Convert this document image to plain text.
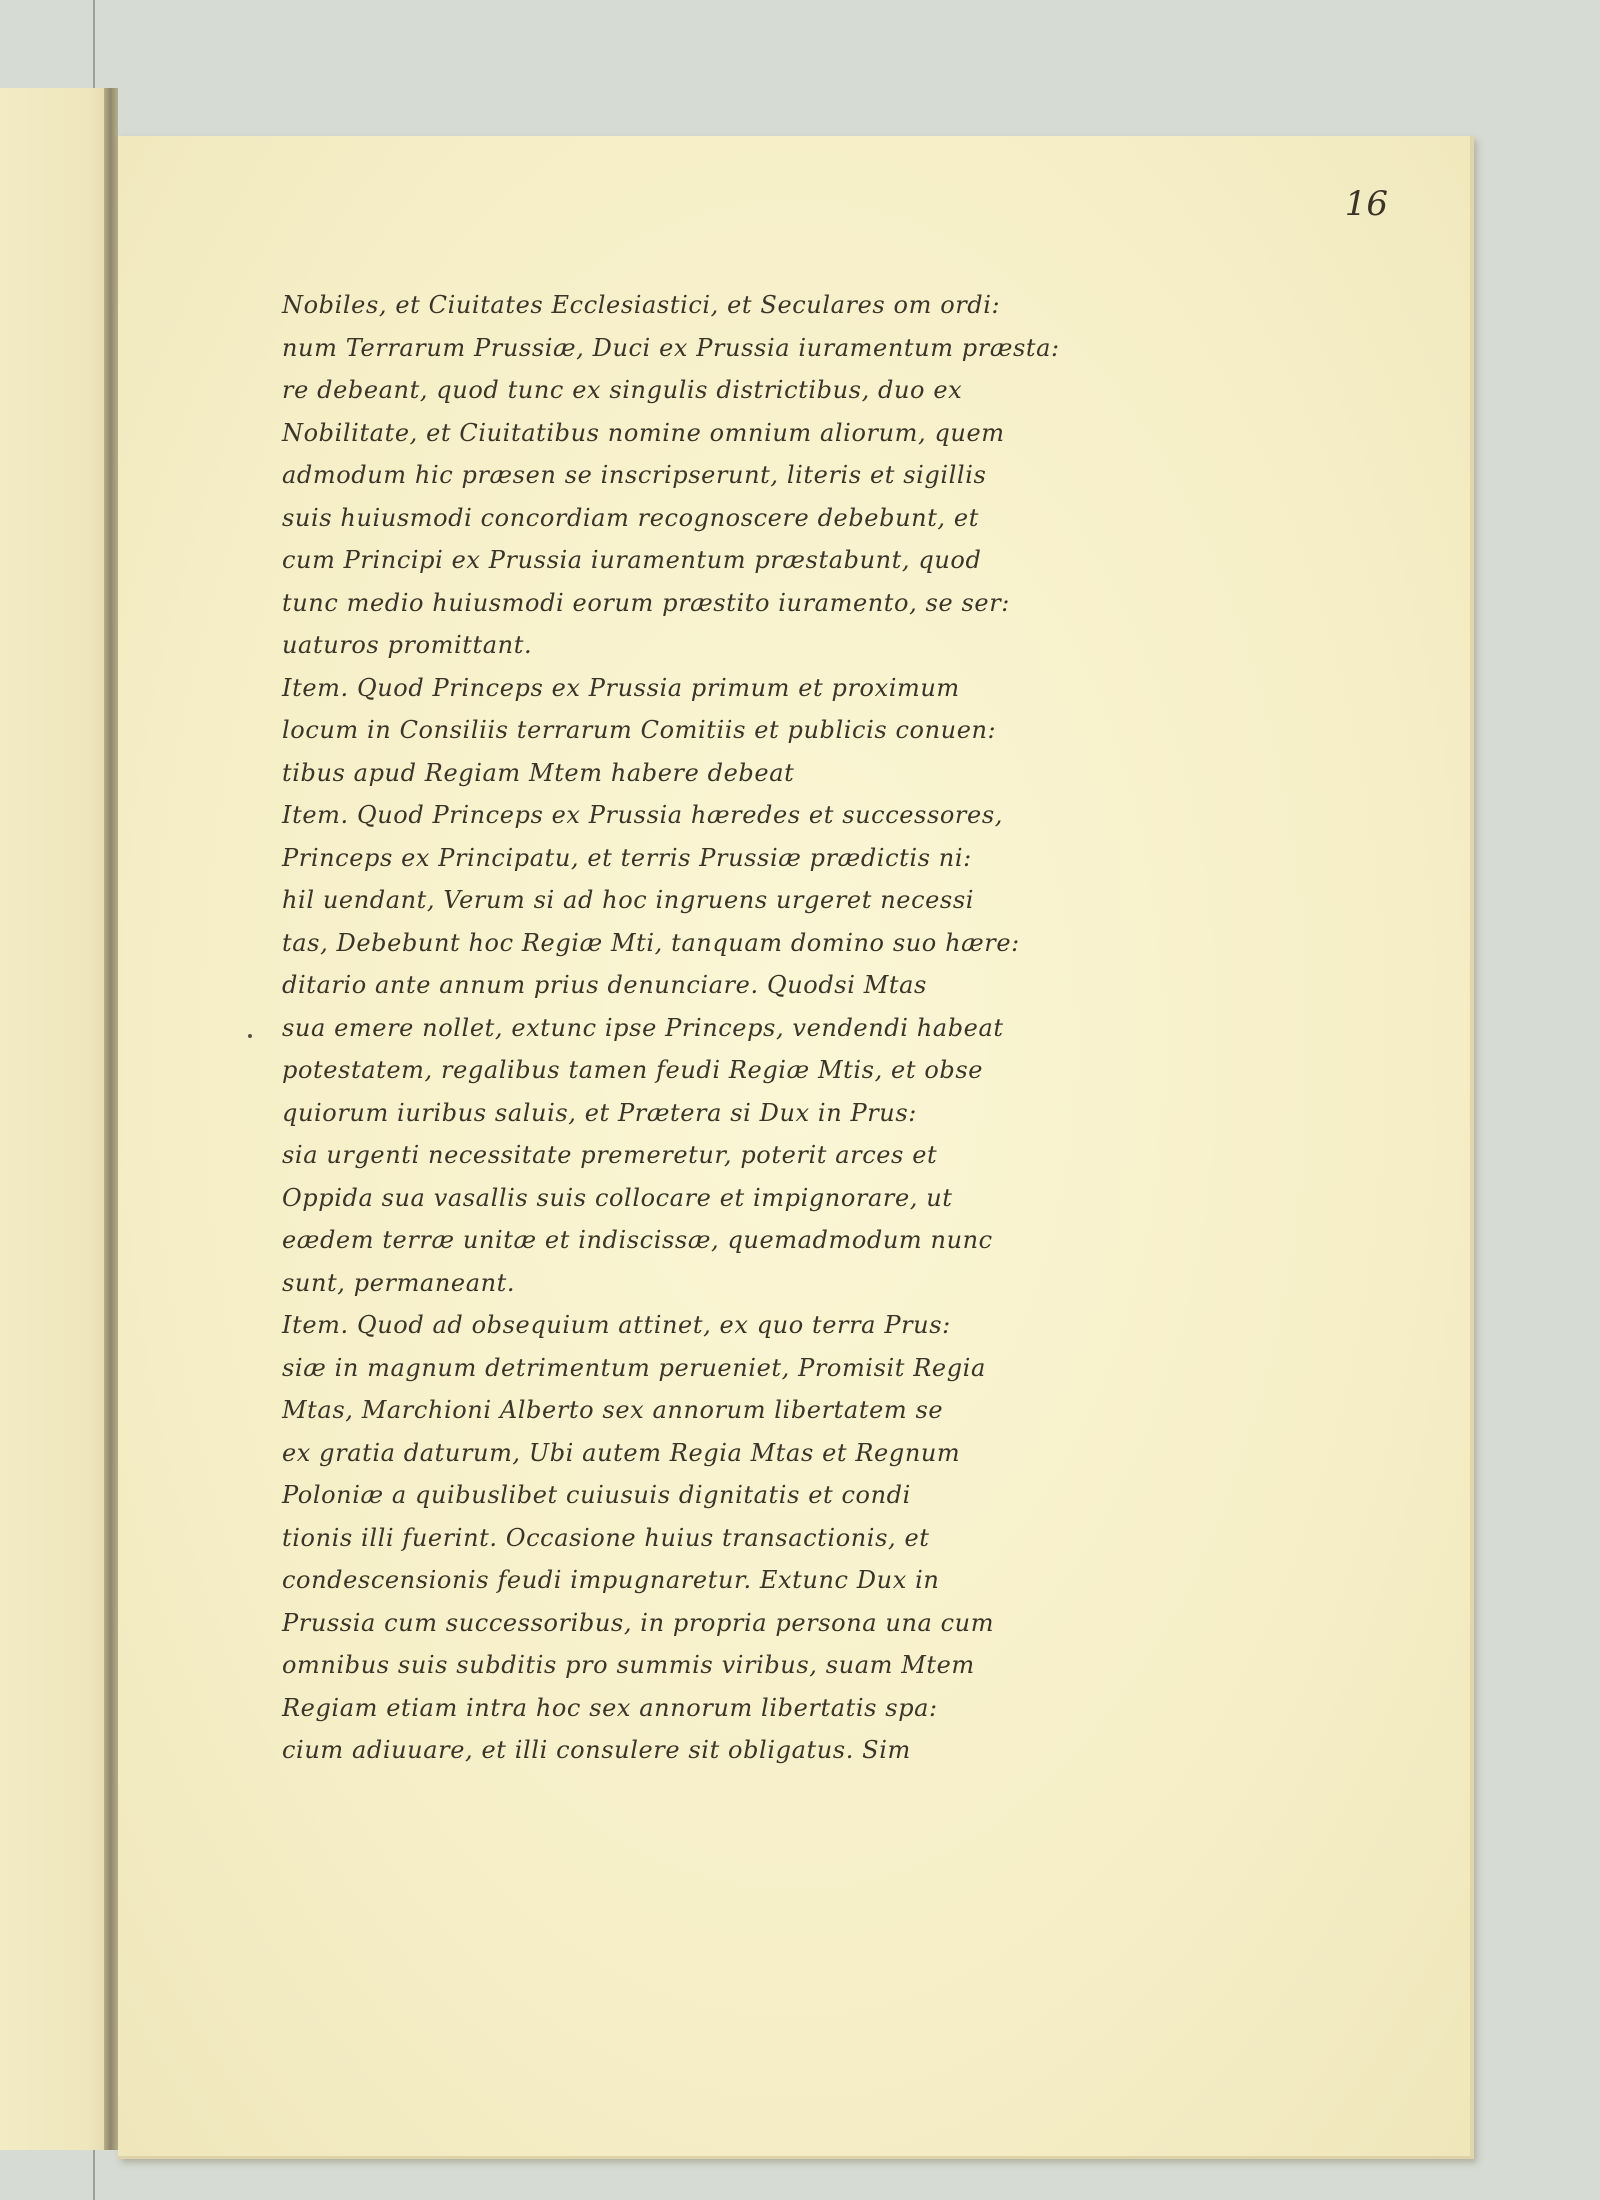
16
Nobiles, et Ciuitates Ecclesiastici, et Seculares om ordi:
num Terrarum Prussiæ, Duci ex Prussia iuramentum præsta:
re debeant, quod tunc ex singulis districtibus, duo ex
Nobilitate, et Ciuitatibus nomine omnium aliorum, quem
admodum hic præsen se inscripserunt, literis et sigillis
suis huiusmodi concordiam recognoscere debebunt, et
cum Principi ex Prussia iuramentum præstabunt, quod
tunc medio huiusmodi eorum præstito iuramento, se ser:
uaturos promittant.
Item. Quod Princeps ex Prussia primum et proximum
locum in Consiliis terrarum Comitiis et publicis conuen:
tibus apud Regiam Mtem habere debeat
Item. Quod Princeps ex Prussia hæredes et successores,
Princeps ex Principatu, et terris Prussiæ prædictis ni:
hil uendant, Verum si ad hoc ingruens urgeret necessi
tas, Debebunt hoc Regiæ Mti, tanquam domino suo hære:
ditario ante annum prius denunciare. Quodsi Mtas
sua emere nollet, extunc ipse Princeps, vendendi habeat
potestatem, regalibus tamen feudi Regiæ Mtis, et obse
quiorum iuribus saluis, et Prætera si Dux in Prus:
sia urgenti necessitate premeretur, poterit arces et
Oppida sua vasallis suis collocare et impignorare, ut
eædem terræ unitæ et indiscissæ, quemadmodum nunc
sunt, permaneant.
Item. Quod ad obsequium attinet, ex quo terra Prus:
siæ in magnum detrimentum perueniet, Promisit Regia
Mtas, Marchioni Alberto sex annorum libertatem se
ex gratia daturum, Ubi autem Regia Mtas et Regnum
Poloniæ a quibuslibet cuiusuis dignitatis et condi
tionis illi fuerint. Occasione huius transactionis, et
condescensionis feudi impugnaretur. Extunc Dux in
Prussia cum successoribus, in propria persona una cum
omnibus suis subditis pro summis viribus, suam Mtem
Regiam etiam intra hoc sex annorum libertatis spa:
cium adiuuare, et illi consulere sit obligatus. Sim
